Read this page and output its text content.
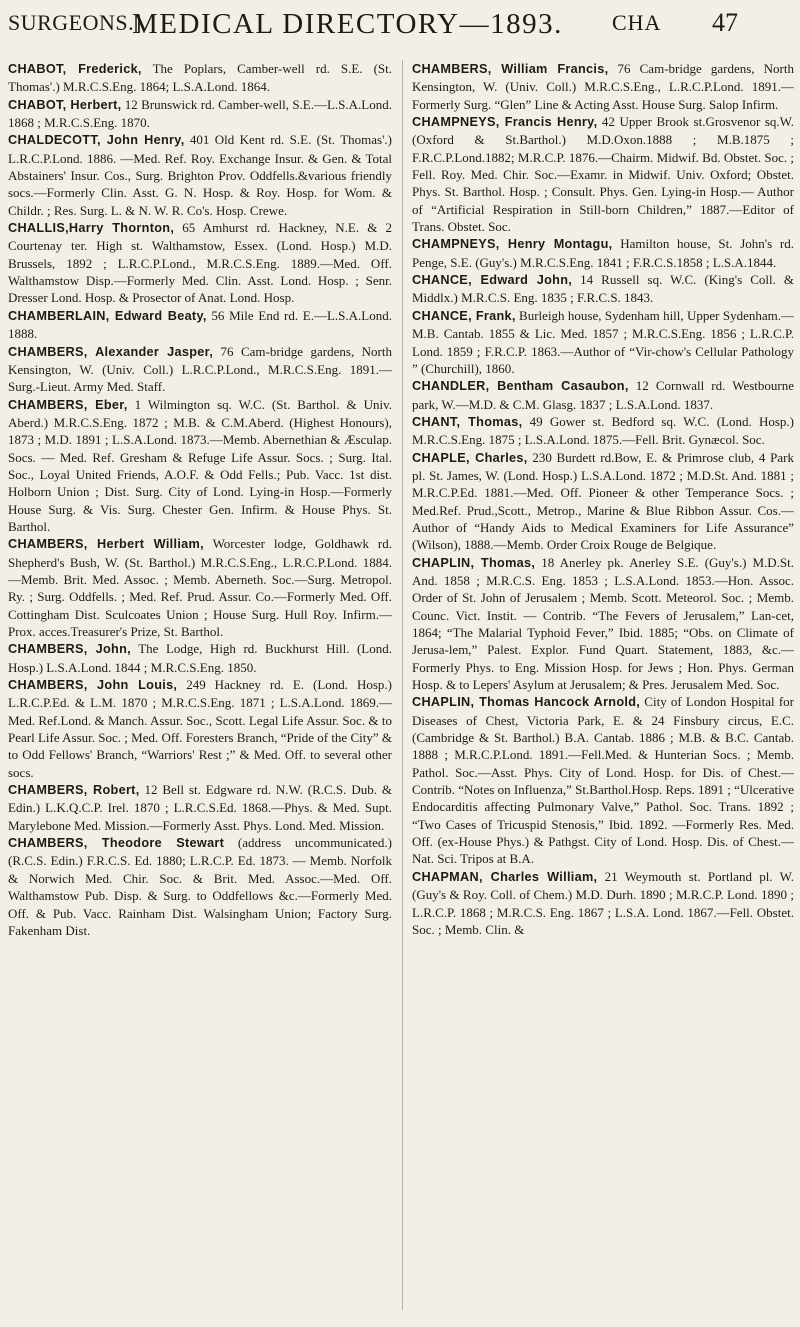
SURGEONS.]
MEDICAL DIRECTORY—1893. CHA 47

CHABOT, Frederick, The Poplars, Camber-well rd. S.E. (St. Thomas'.) M.R.C.S.Eng. 1864; L.S.A.Lond. 1864.

CHABOT, Herbert, 12 Brunswick rd. Camber-well, S.E.—L.S.A.Lond. 1868 ; M.R.C.S.Eng. 1870.

CHALDECOTT, John Henry, 401 Old Kent rd. S.E. (St. Thomas'.) L.R.C.P.Lond. 1886. —Med. Ref. Roy. Exchange Insur. & Gen. & Total Abstainers' Insur. Cos., Surg. Brighton Prov. Oddfells.&various friendly socs.—Formerly Clin. Asst. G. N. Hosp. & Roy. Hosp. for Wom. & Childr. ; Res. Surg. L. & N. W. R. Co's. Hosp. Crewe.

CHALLIS,Harry Thornton, 65 Amhurst rd. Hackney, N.E. & 2 Courtenay ter. High st. Walthamstow, Essex. (Lond. Hosp.) M.D. Brussels, 1892 ; L.R.C.P.Lond., M.R.C.S.Eng. 1889.—Med. Off. Walthamstow Disp.—Formerly Med. Clin. Asst. Lond. Hosp. ; Senr. Dresser Lond. Hosp. & Prosector of Anat. Lond. Hosp.

CHAMBERLAIN, Edward Beaty, 56 Mile End rd. E.—L.S.A.Lond. 1888.

CHAMBERS, Alexander Jasper, 76 Cam-bridge gardens, North Kensington, W. (Univ. Coll.) L.R.C.P.Lond., M.R.C.S.Eng. 1891.— Surg.-Lieut. Army Med. Staff.

CHAMBERS, Eber, 1 Wilmington sq. W.C. (St. Barthol. & Univ. Aberd.) M.R.C.S.Eng. 1872 ; M.B. & C.M.Aberd. (Highest Honours), 1873 ; M.D. 1891 ; L.S.A.Lond. 1873.—Memb. Abernethian & Æsculap. Socs. — Med. Ref. Gresham & Refuge Life Assur. Socs. ; Surg. Ital. Soc., Loyal United Friends, A.O.F. & Odd Fells.; Pub. Vacc. 1st dist. Holborn Union ; Dist. Surg. City of Lond. Lying-in Hosp.—Formerly House Surg. & Vis. Surg. Chester Gen. Infirm. & House Phys. St. Barthol.

CHAMBERS, Herbert William, Worcester lodge, Goldhawk rd. Shepherd's Bush, W. (St. Barthol.) M.R.C.S.Eng., L.R.C.P.Lond. 1884. —Memb. Brit. Med. Assoc. ; Memb. Aberneth. Soc.—Surg. Metropol. Ry. ; Surg. Oddfells. ; Med. Ref. Prud. Assur. Co.—Formerly Med. Off. Cottingham Dist. Sculcoates Union ; House Surg. Hull Roy. Infirm.—Prox. acces.Treasurer's Prize, St. Barthol.

CHAMBERS, John, The Lodge, High rd. Buckhurst Hill. (Lond. Hosp.) L.S.A.Lond. 1844 ; M.R.C.S.Eng. 1850.

CHAMBERS, John Louis, 249 Hackney rd. E. (Lond. Hosp.) L.R.C.P.Ed. & L.M. 1870 ; M.R.C.S.Eng. 1871 ; L.S.A.Lond. 1869.—Med. Ref.Lond. & Manch. Assur. Soc., Scott. Legal Life Assur. Soc. & to Pearl Life Assur. Soc. ; Med. Off. Foresters Branch, “Pride of the City” & to Odd Fellows' Branch, “Warriors' Rest ;” & Med. Off. to several other socs.

CHAMBERS, Robert, 12 Bell st. Edgware rd. N.W. (R.C.S. Dub. & Edin.) L.K.Q.C.P. Irel. 1870 ; L.R.C.S.Ed. 1868.—Phys. & Med. Supt. Marylebone Med. Mission.—Formerly Asst. Phys. Lond. Med. Mission.

CHAMBERS, Theodore Stewart (address uncommunicated.) (R.C.S. Edin.) F.R.C.S. Ed. 1880; L.R.C.P. Ed. 1873. — Memb. Norfolk & Norwich Med. Chir. Soc. & Brit. Med. Assoc.—Med. Off. Walthamstow Pub. Disp. & Surg. to Oddfellows &c.—Formerly Med. Off. & Pub. Vacc. Rainham Dist. Walsingham Union; Factory Surg. Fakenham Dist.

CHAMBERS, William Francis, 76 Cam-bridge gardens, North Kensington, W. (Univ. Coll.) M.R.C.S.Eng., L.R.C.P.Lond. 1891.— Formerly Surg. “Glen” Line & Acting Asst. House Surg. Salop Infirm.

CHAMPNEYS, Francis Henry, 42 Upper Brook st.Grosvenor sq.W. (Oxford & St.Barthol.) M.D.Oxon.1888 ; M.B.1875 ; F.R.C.P.Lond.1882; M.R.C.P. 1876.—Chairm. Midwif. Bd. Obstet. Soc. ; Fell. Roy. Med. Chir. Soc.—Examr. in Midwif. Univ. Oxford; Obstet. Phys. St. Barthol. Hosp. ; Consult. Phys. Gen. Lying-in Hosp.— Author of “Artificial Respiration in Still-born Children,” 1887.—Editor of Trans. Obstet. Soc.

CHAMPNEYS, Henry Montagu, Hamilton house, St. John's rd. Penge, S.E. (Guy's.) M.R.C.S.Eng. 1841 ; F.R.C.S.1858 ; L.S.A.1844.

CHANCE, Edward John, 14 Russell sq. W.C. (King's Coll. & Middlx.) M.R.C.S. Eng. 1835 ; F.R.C.S. 1843.

CHANCE, Frank, Burleigh house, Sydenham hill, Upper Sydenham.—M.B. Cantab. 1855 & Lic. Med. 1857 ; M.R.C.S.Eng. 1856 ; L.R.C.P. Lond. 1859 ; F.R.C.P. 1863.—Author of “Vir-chow's Cellular Pathology ” (Churchill), 1860.

CHANDLER, Bentham Casaubon, 12 Cornwall rd. Westbourne park, W.—M.D. & C.M. Glasg. 1837 ; L.S.A.Lond. 1837.

CHANT, Thomas, 49 Gower st. Bedford sq. W.C. (Lond. Hosp.) M.R.C.S.Eng. 1875 ; L.S.A.Lond. 1875.—Fell. Brit. Gynæcol. Soc.

CHAPLE, Charles, 230 Burdett rd.Bow, E. & Primrose club, 4 Park pl. St. James, W. (Lond. Hosp.) L.S.A.Lond. 1872 ; M.D.St. And. 1881 ; M.R.C.P.Ed. 1881.—Med. Off. Pioneer & other Temperance Socs. ; Med.Ref. Prud.,Scott., Metrop., Marine & Blue Ribbon Assur. Cos.— Author of “Handy Aids to Medical Examiners for Life Assurance” (Wilson), 1888.—Memb. Order Croix Rouge de Belgique.

CHAPLIN, Thomas, 18 Anerley pk. Anerley S.E. (Guy's.) M.D.St. And. 1858 ; M.R.C.S. Eng. 1853 ; L.S.A.Lond. 1853.—Hon. Assoc. Order of St. John of Jerusalem ; Memb. Scott. Meteorol. Soc. ; Memb. Counc. Vict. Instit. — Contrib. “The Fevers of Jerusalem,” Lan-cet, 1864; “The Malarial Typhoid Fever,” Ibid. 1885; “Obs. on Climate of Jerusa-lem,” Palest. Explor. Fund Quart. Statement, 1883, &c.—Formerly Phys. to Eng. Mission Hosp. for Jews ; Hon. Phys. German Hosp. & to Lepers' Asylum at Jerusalem; & Pres. Jerusalem Med. Soc.

CHAPLIN, Thomas Hancock Arnold, City of London Hospital for Diseases of Chest, Victoria Park, E. & 24 Finsbury circus, E.C. (Cambridge & St. Barthol.) B.A. Cantab. 1886 ; M.B. & B.C. Cantab. 1888 ; M.R.C.P.Lond. 1891.—Fell.Med. & Hunterian Socs. ; Memb. Pathol. Soc.—Asst. Phys. City of Lond. Hosp. for Dis. of Chest.— Contrib. “Notes on Influenza,” St.Barthol.Hosp. Reps. 1891 ; “Ulcerative Endocarditis affecting Pulmonary Valve,” Pathol. Soc. Trans. 1892 ; “Two Cases of Tricuspid Stenosis,” Ibid. 1892. —Formerly Res. Med. Off. (ex-House Phys.) & Pathgst. City of Lond. Hosp. Dis. of Chest.— Nat. Sci. Tripos at B.A.

CHAPMAN, Charles William, 21 Weymouth st. Portland pl. W. (Guy's & Roy. Coll. of Chem.) M.D. Durh. 1890 ; M.R.C.P. Lond. 1890 ; L.R.C.P. 1868 ; M.R.C.S. Eng. 1867 ; L.S.A. Lond. 1867.—Fell. Obstet. Soc. ; Memb. Clin. &
